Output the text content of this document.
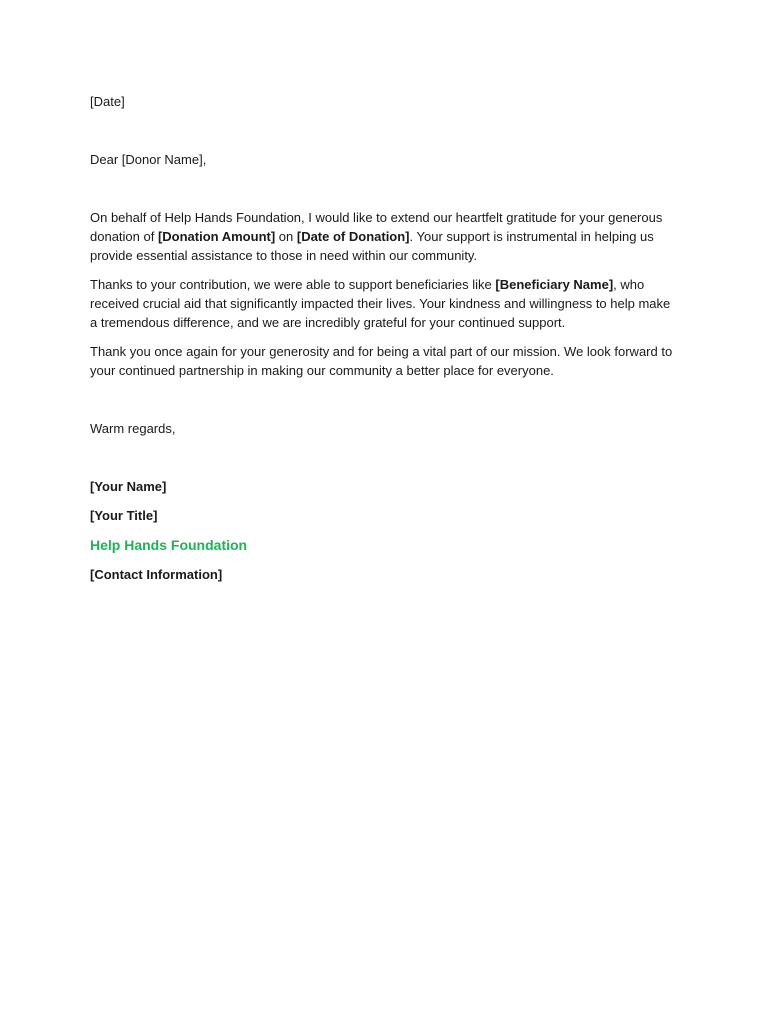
[Date]

Dear [Donor Name],

On behalf of Help Hands Foundation, I would like to extend our heartfelt gratitude for your generous donation of [Donation Amount] on [Date of Donation]. Your support is instrumental in helping us provide essential assistance to those in need within our community.

Thanks to your contribution, we were able to support beneficiaries like [Beneficiary Name], who received crucial aid that significantly impacted their lives. Your kindness and willingness to help make a tremendous difference, and we are incredibly grateful for your continued support.

Thank you once again for your generosity and for being a vital part of our mission. We look forward to your continued partnership in making our community a better place for everyone.

Warm regards,

[Your Name]

[Your Title]

Help Hands Foundation

[Contact Information]
